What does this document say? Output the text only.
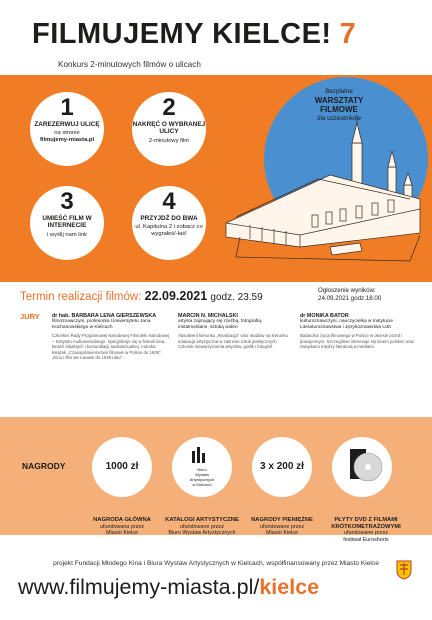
FILMUJEMY KIELCE! 7
Konkurs 2-minutowych filmów o ulicach
1
ZAREZERWUJ ULICĘ
na stronie
filmujemy-miasta.pl
2
NAKRĘĆ O WYBRANEJ ULICY
2-minutowy film
3
UMIEŚĆ FILM W INTERNECIE
i wyślij nam link
4
PRZYJDŹ DO BWA
ul. Kapitulna 2 i zobacz co wygrałeś/-łaś!
Bezpłatne
WARSZTATY FILMOWE
dla uczestników
Termin realizacji filmów: 22.09.2021 godz. 23.59
Ogłoszenie wyników:
24.09.2021 godz.18.00
JURY dr hab. BARBARA LENA GIERSZEWSKA
filmoznawczyni, profesorka Uniwersytetu Jana Kochanowskiego w Kielcach
Członkini Rady Programowej Narodowej Filmoteki Narodowej – Instytutu Audiowizualnego. Specjalizuje się w historii kina, kinach lokalnych i komunikacji audiowizualnej. Autorka książek „Czasopiśmiennictwo filmowe w Polsce do 1939”, „Kino i film we Lwowie do 1939 roku”.
MARCIN N. MICHALSKI
artysta zajmujący się rzeźbą, fotografią, instalmediami, sztuką wideo
Absolwent kierunku „Realizacja” oraz studiów na kierunku edukacja artystyczna w zakresie sztuk plastycznych. Członek stowarzyszenia artystów, grafik i fotograf.
dr MONIKA BATOR
kulturoznawczyni, nauczycielka w Instytucie Literaturoznawstwa i Językoznawstwa UJK
Badaczka życia filmowego w Polsce w okresie przed i powojennym. Szczególnie interesuje się kinem polskim oraz związkami między literaturą a mediami.
NAGRODY	1000 zł	Biuro
Wystaw
Artystycznych
w Kielcach
3 x 200 zł
NAGRODA GŁÓWNA
ufundowana przez
Miasto Kielce
KATALOGI ARTYSTYCZNE
ufundowane przez
Biuro Wystaw Artystycznych
NAGRODY PIENIĘŻNE
ufundowane przez
Miasto Kielce
PŁYTY DVD Z FILMAMI KRÓTKOMETRAŻOWYMI
ufundowane przez
festiwal Euroshorts
projekt Fundacji Młodego Kina i Biura Wystaw Artystycznych w Kielcach, współfinansowany przez Miasto Kielce
www.filmujemy-miasta.pl/kielce
